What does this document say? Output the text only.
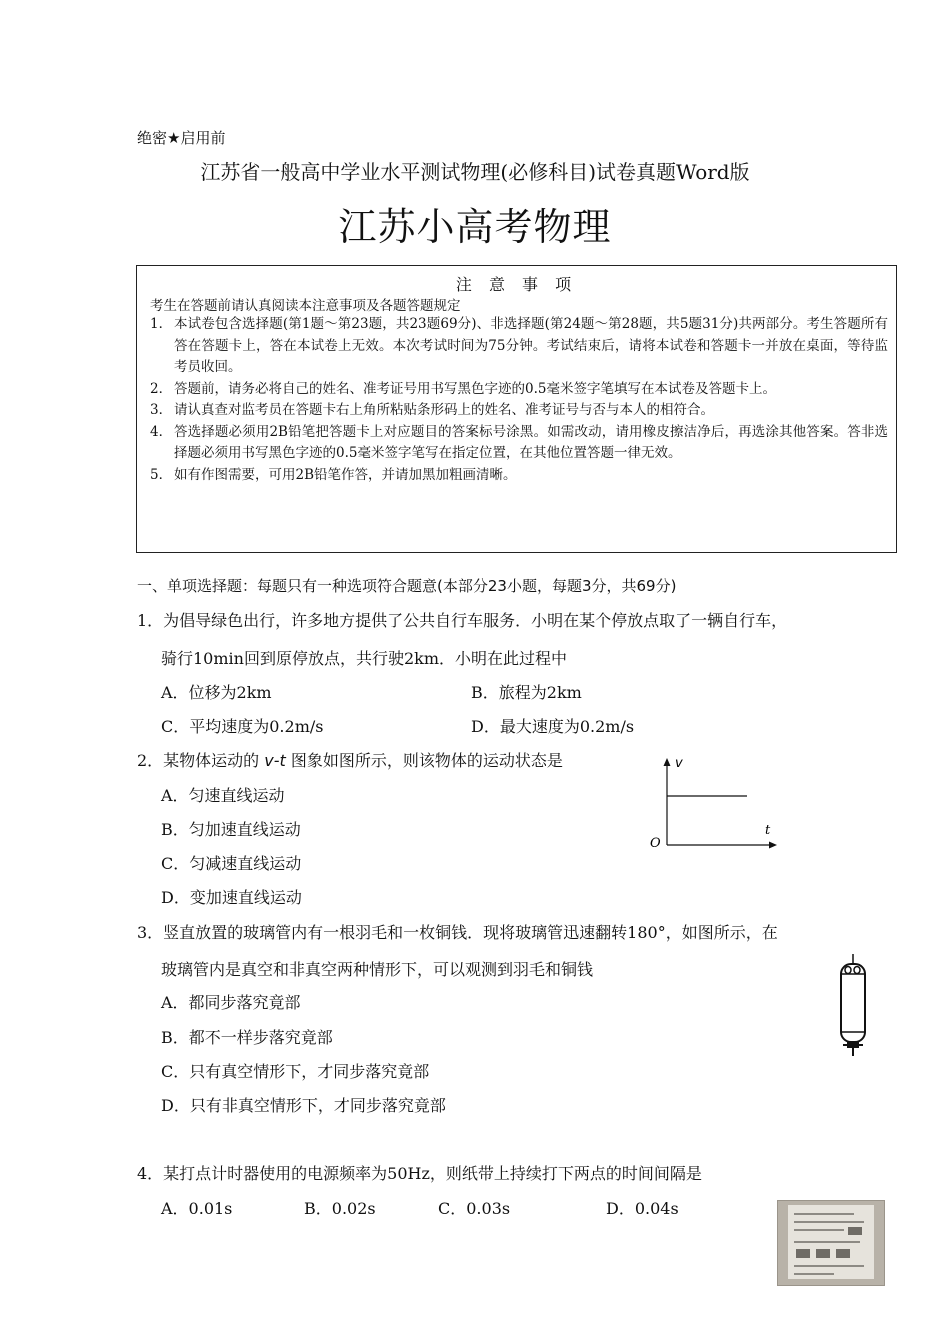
绝密★启用前
江苏省一般高中学业水平测试物理(必修科目)试卷真题Word版
江苏小高考物理
注 意 事 项
考生在答题前请认真阅读本注意事项及各题答题规定
1． 本试卷包含选择题(第1题～第23题，共23题69分)、非选择题(第24题～第28题，共5题31分)共两部分。考生答题所有答在答题卡上，答在本试卷上无效。本次考试时间为75分钟。考试结束后，请将本试卷和答题卡一并放在桌面，等待监考员收回。
2． 答题前，请务必将自己的姓名、准考证号用书写黑色字迹的0.5毫米签字笔填写在本试卷及答题卡上。
3． 请认真查对监考员在答题卡右上角所粘贴条形码上的姓名、准考证号与否与本人的相符合。
4． 答选择题必须用2B铅笔把答题卡上对应题目的答案标号涂黑。如需改动，请用橡皮擦洁净后，再选涂其他答案。答非选择题必须用书写黑色字迹的0.5毫米签字笔写在指定位置，在其他位置答题一律无效。
5． 如有作图需要，可用2B铅笔作答，并请加黑加粗画清晰。
一、单项选择题：每题只有一种选项符合题意(本部分23小题，每题3分，共69分)
1．为倡导绿色出行，许多地方提供了公共自行车服务．小明在某个停放点取了一辆自行车，
骑行10min回到原停放点，共行驶2km．小明在此过程中
A．位移为2km	B．旅程为2km
C．平均速度为0.2m/s	D．最大速度为0.2m/s
2．某物体运动的 v-t 图象如图所示，则该物体的运动状态是
A．匀速直线运动
B．匀加速直线运动
C．匀减速直线运动
D．变加速直线运动
v
t
O
3．竖直放置的玻璃管内有一根羽毛和一枚铜钱．现将玻璃管迅速翻转180°，如图所示，在
玻璃管内是真空和非真空两种情形下，可以观测到羽毛和铜钱
A．都同步落究竟部
B．都不一样步落究竟部
C．只有真空情形下，才同步落究竟部
D．只有非真空情形下，才同步落究竟部
4．某打点计时器使用的电源频率为50Hz，则纸带上持续打下两点的时间间隔是
A．0.01s	B．0.02s	C．0.03s	D．0.04s
